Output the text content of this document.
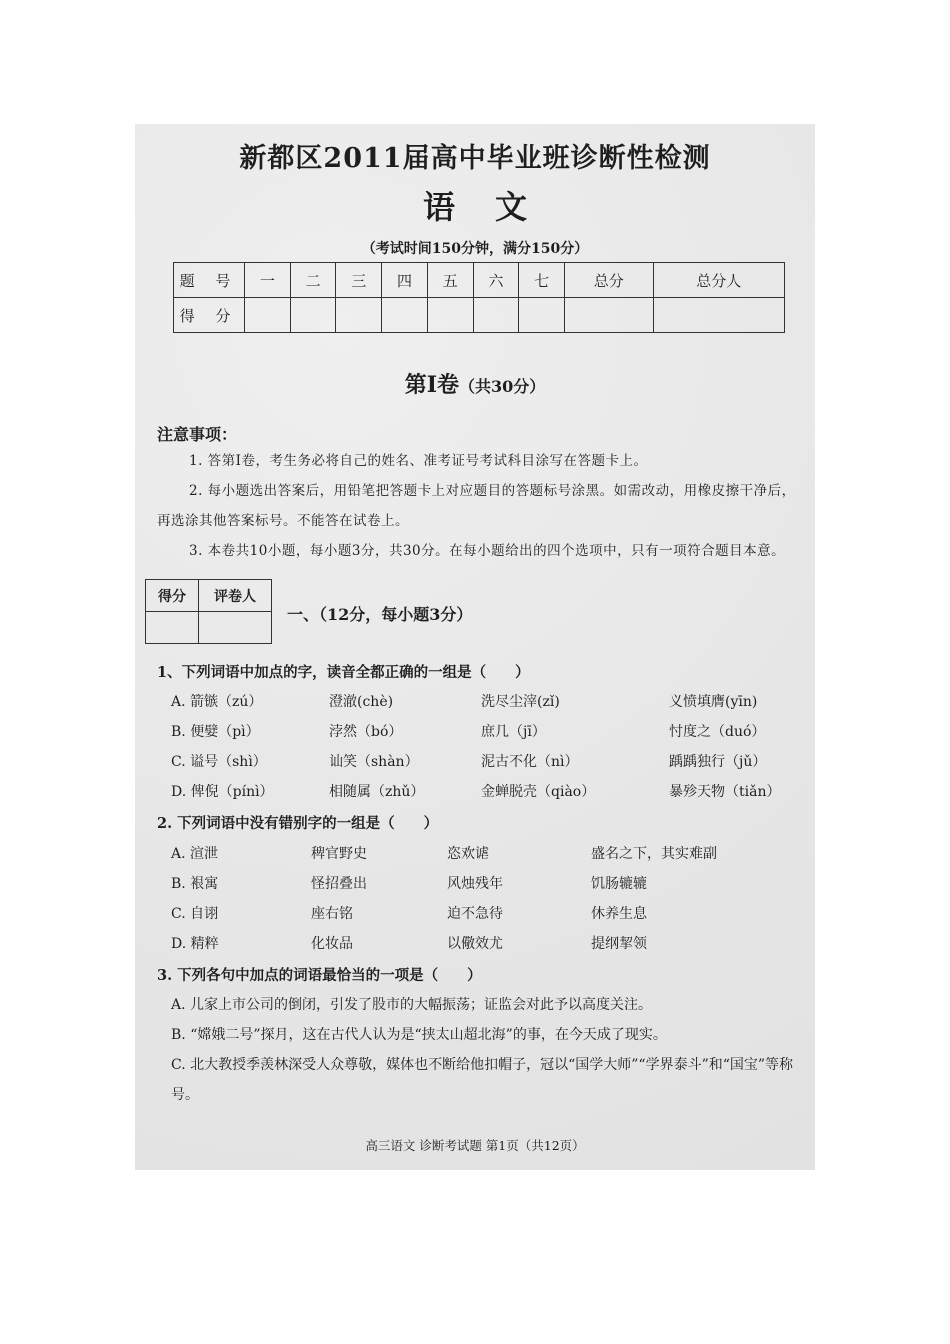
新都区2011届高中毕业班诊断性检测
语文
（考试时间150分钟，满分150分）
题 号	一	二	三	四	五	六	七	总分	总分人
得 分									
第Ⅰ卷（共30分）
注意事项：
1. 答第Ⅰ卷，考生务必将自己的姓名、准考证号考试科目涂写在答题卡上。
2. 每小题选出答案后，用铅笔把答题卡上对应题目的答题标号涂黑。如需改动，用橡皮擦干净后，再选涂其他答案标号。不能答在试卷上。
3. 本卷共10小题，每小题3分，共30分。在每小题给出的四个选项中，只有一项符合题目本意。
得分	评卷人

一、（12分，每小题3分）
1、下列词语中加点的字，读音全都正确的一组是（　　）
A. 箭镞（zú）	澄澈(chè)	洗尽尘滓(zǐ)	义愤填膺(yīn)
B. 便嬖（pì）	浡然（bó）	庶几（jī）	忖度之（duó）
C. 谥号（shì）	讪笑（shàn）	泥古不化（nì）	踽踽独行（jǔ）
D. 俾倪（pínì）	相随属（zhǔ）	金蝉脱壳（qiào）	暴殄天物（tiǎn）
2. 下列词语中没有错别字的一组是（　　）
A. 渲泄	稗官野史	恣欢谑	盛名之下，其实难副
B. 裉寓	怪招叠出	风烛残年	饥肠辘辘
C. 自诩	座右铭	迫不急待	休养生息
D. 精粹	化妆品	以儆效尤	提纲挈领
3. 下列各句中加点的词语最恰当的一项是（　　）
A. 儿家上市公司的倒闭，引发了股市的大幅振荡；证监会对此予以高度关注。
B. “嫦娥二号”探月，这在古代人认为是“挟太山超北海”的事，在今天成了现实。
C. 北大教授季羡林深受人众尊敬，媒体也不断给他扣帽子，冠以“国学大师”“学界泰斗”和“国宝”等称号。
高三语文 诊断考试题 第1页（共12页）
